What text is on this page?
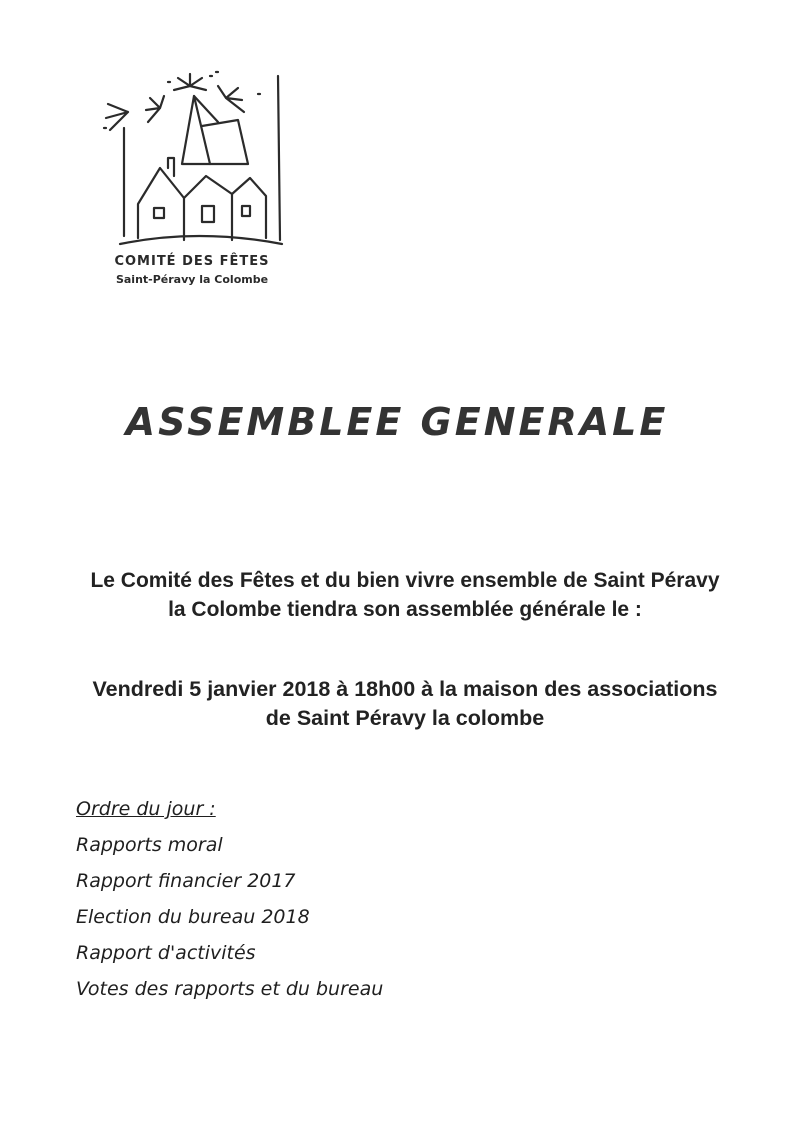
COMITÉ DES FÊTES
Saint-Péravy la Colombe
ASSEMBLEE GENERALE

Le Comité des Fêtes et du bien vivre ensemble de Saint Péravy la Colombe tiendra son assemblée générale le :

Vendredi 5 janvier 2018 à 18h00 à la maison des associations de Saint Péravy la colombe

Ordre du jour :
Rapports moral
Rapport financier 2017
Election du bureau 2018
Rapport d'activités
Votes des rapports et du bureau
